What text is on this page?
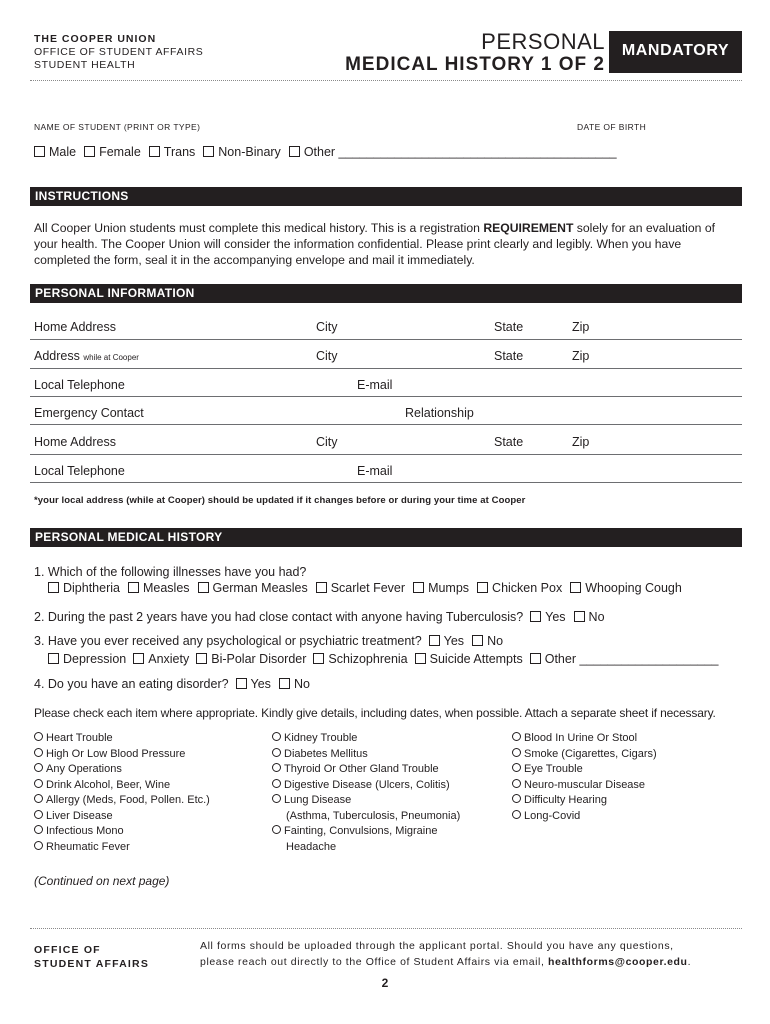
THE COOPER UNION
OFFICE OF STUDENT AFFAIRS
STUDENT HEALTH
PERSONAL
MEDICAL HISTORY 1 OF 2
MANDATORY
NAME OF STUDENT (PRINT OR TYPE)	DATE OF BIRTH
Male Female Trans Non-Binary Other ________________________________________
INSTRUCTIONS
All Cooper Union students must complete this medical history. This is a registration REQUIREMENT solely for an evaluation of your health. The Cooper Union will consider the information confidential. Please print clearly and legibly. When you have completed the form, seal it in the accompanying envelope and mail it immediately.
PERSONAL INFORMATION
Home Address	City	State	Zip
Address while at Cooper	City	State	Zip
Local Telephone	E-mail
Emergency Contact	Relationship
Home Address	City	State	Zip
Local Telephone	E-mail
*your local address (while at Cooper) should be updated if it changes before or during your time at Cooper
PERSONAL MEDICAL HISTORY
1. Which of the following illnesses have you had?
Diphtheria Measles German Measles Scarlet Fever Mumps Chicken Pox Whooping Cough
2. During the past 2 years have you had close contact with anyone having Tuberculosis? Yes No
3. Have you ever received any psychological or psychiatric treatment? Yes No
Depression Anxiety Bi-Polar Disorder Schizophrenia Suicide Attempts Other ____________________
4. Do you have an eating disorder? Yes No
Please check each item where appropriate. Kindly give details, including dates, when possible. Attach a separate sheet if necessary.
Heart Trouble
High Or Low Blood Pressure
Any Operations
Drink Alcohol, Beer, Wine
Allergy (Meds, Food, Pollen. Etc.)
Liver Disease
Infectious Mono
Rheumatic Fever
Kidney Trouble
Diabetes Mellitus
Thyroid Or Other Gland Trouble
Digestive Disease (Ulcers, Colitis)
Lung Disease
(Asthma, Tuberculosis, Pneumonia)
Fainting, Convulsions, Migraine
Headache
Blood In Urine Or Stool
Smoke (Cigarettes, Cigars)
Eye Trouble
Neuro-muscular Disease
Difficulty Hearing
Long-Covid
(Continued on next page)
OFFICE OF
STUDENT AFFAIRS
All forms should be uploaded through the applicant portal. Should you have any questions,
please reach out directly to the Office of Student Affairs via email, healthforms@cooper.edu.
2
